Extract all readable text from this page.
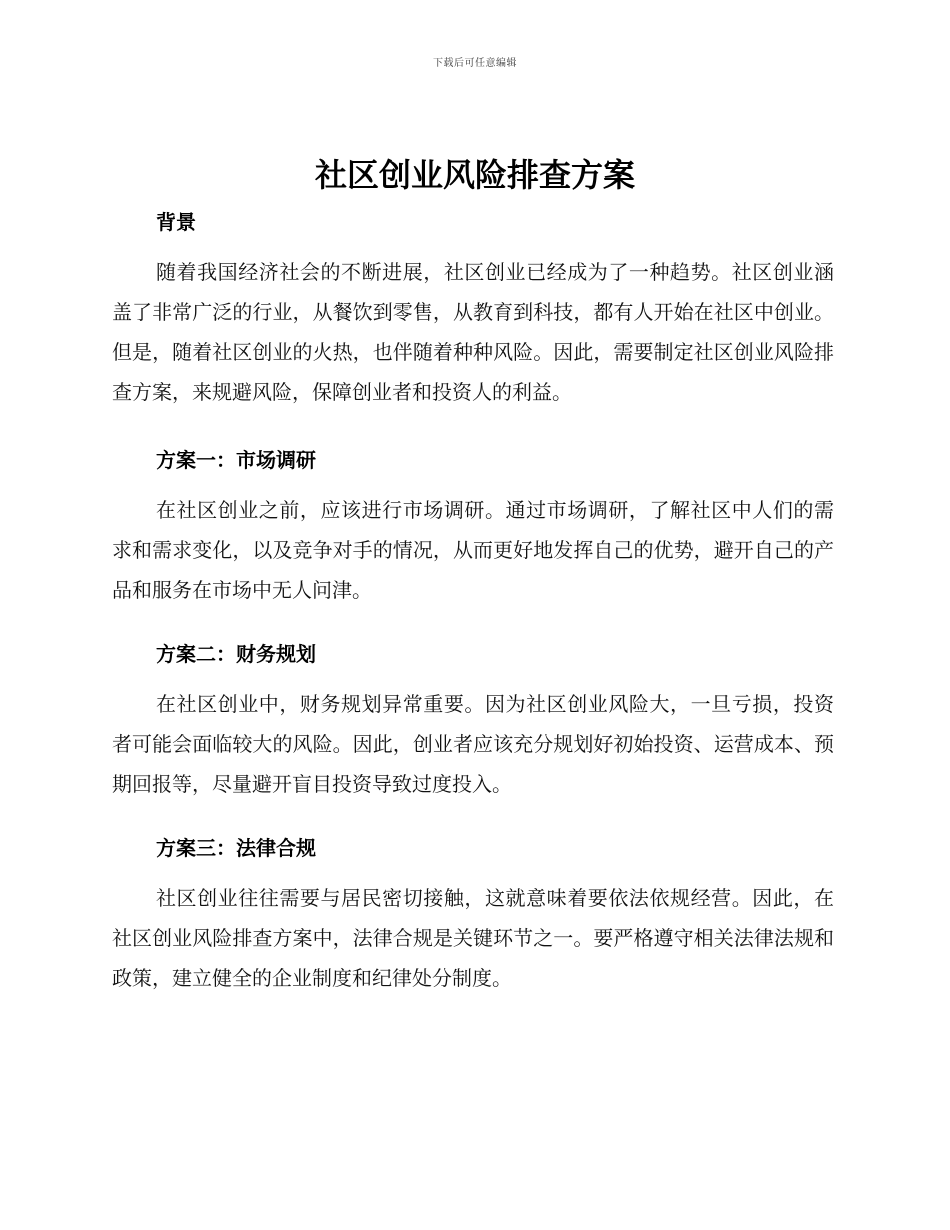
下载后可任意编辑
社区创业风险排查方案
背景

随着我国经济社会的不断进展，社区创业已经成为了一种趋势。社区创业涵盖了非常广泛的行业，从餐饮到零售，从教育到科技，都有人开始在社区中创业。但是，随着社区创业的火热，也伴随着种种风险。因此，需要制定社区创业风险排查方案，来规避风险，保障创业者和投资人的利益。

方案一：市场调研

在社区创业之前，应该进行市场调研。通过市场调研，了解社区中人们的需求和需求变化，以及竞争对手的情况，从而更好地发挥自己的优势，避开自己的产品和服务在市场中无人问津。

方案二：财务规划

在社区创业中，财务规划异常重要。因为社区创业风险大，一旦亏损，投资者可能会面临较大的风险。因此，创业者应该充分规划好初始投资、运营成本、预期回报等，尽量避开盲目投资导致过度投入。

方案三：法律合规

社区创业往往需要与居民密切接触，这就意味着要依法依规经营。因此，在社区创业风险排查方案中，法律合规是关键环节之一。要严格遵守相关法律法规和政策，建立健全的企业制度和纪律处分制度。
